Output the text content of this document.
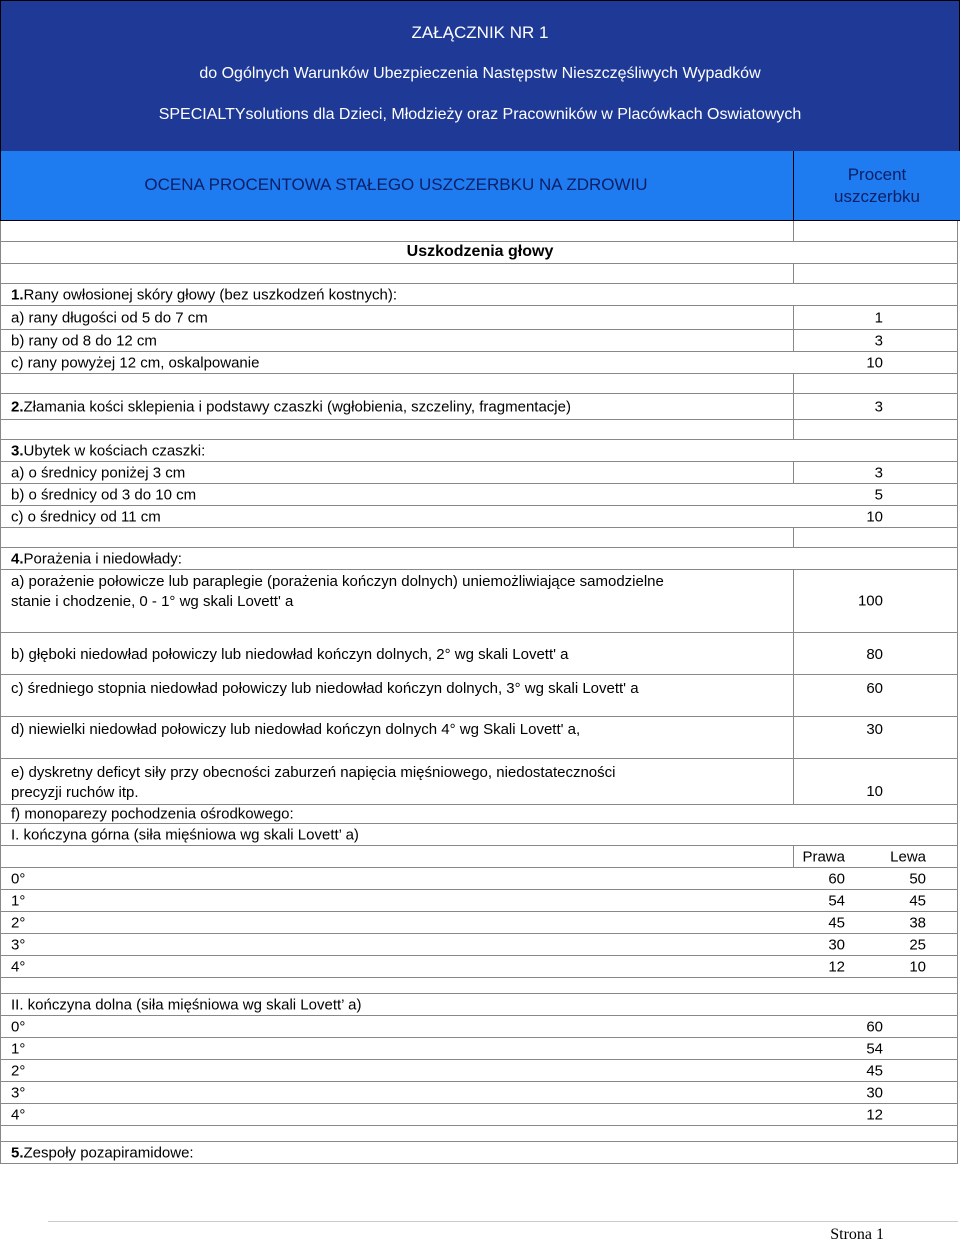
ZAŁĄCZNIK NR 1
do Ogólnych Warunków Ubezpieczenia Następstw Nieszczęśliwych Wypadków
SPECIALTYsolutions dla Dzieci, Młodzieży oraz Pracowników w Placówkach Oswiatowych
OCENA PROCENTOWA STAŁEGO USZCZERBKU NA ZDROWIU
Procent
uszczerbku
Uszkodzenia głowy
1.Rany owłosionej skóry głowy (bez uszkodzeń kostnych):
a) rany długości od 5 do 7 cm	1
b) rany od 8 do 12 cm	3
c) rany powyżej 12 cm, oskalpowanie	10
2.Złamania kości sklepienia i podstawy czaszki (wgłobienia, szczeliny, fragmentacje)	3
3.Ubytek w kościach czaszki:
a) o średnicy poniżej 3 cm	3
b) o średnicy od 3 do 10 cm	5
c) o średnicy od 11 cm	10
4.Porażenia i niedowłady:
a) porażenie połowicze lub paraplegie (porażenia kończyn dolnych) uniemożliwiające samodzielne
stanie i chodzenie, 0 - 1° wg skali Lovett' a	100
b) głęboki niedowład połowiczy lub niedowład kończyn dolnych, 2° wg skali Lovett' a	80
c) średniego stopnia niedowład połowiczy lub niedowład kończyn dolnych, 3° wg skali Lovett' a	60
d) niewielki niedowład połowiczy lub niedowład kończyn dolnych 4° wg Skali Lovett' a,	30
e) dyskretny deficyt siły przy obecności zaburzeń napięcia mięśniowego, niedostateczności
precyzji ruchów itp.	10
f) monoparezy pochodzenia ośrodkowego:
I. kończyna górna (siła mięśniowa wg skali Lovett’ a)
Prawa	Lewa
0°	60	50
1°	54	45
2°	45	38
3°	30	25
4°	12	10
II. kończyna dolna (siła mięśniowa wg skali Lovett’ a)
0°	60
1°	54
2°	45
3°	30
4°	12
5.Zespoły pozapiramidowe:
Strona 1
